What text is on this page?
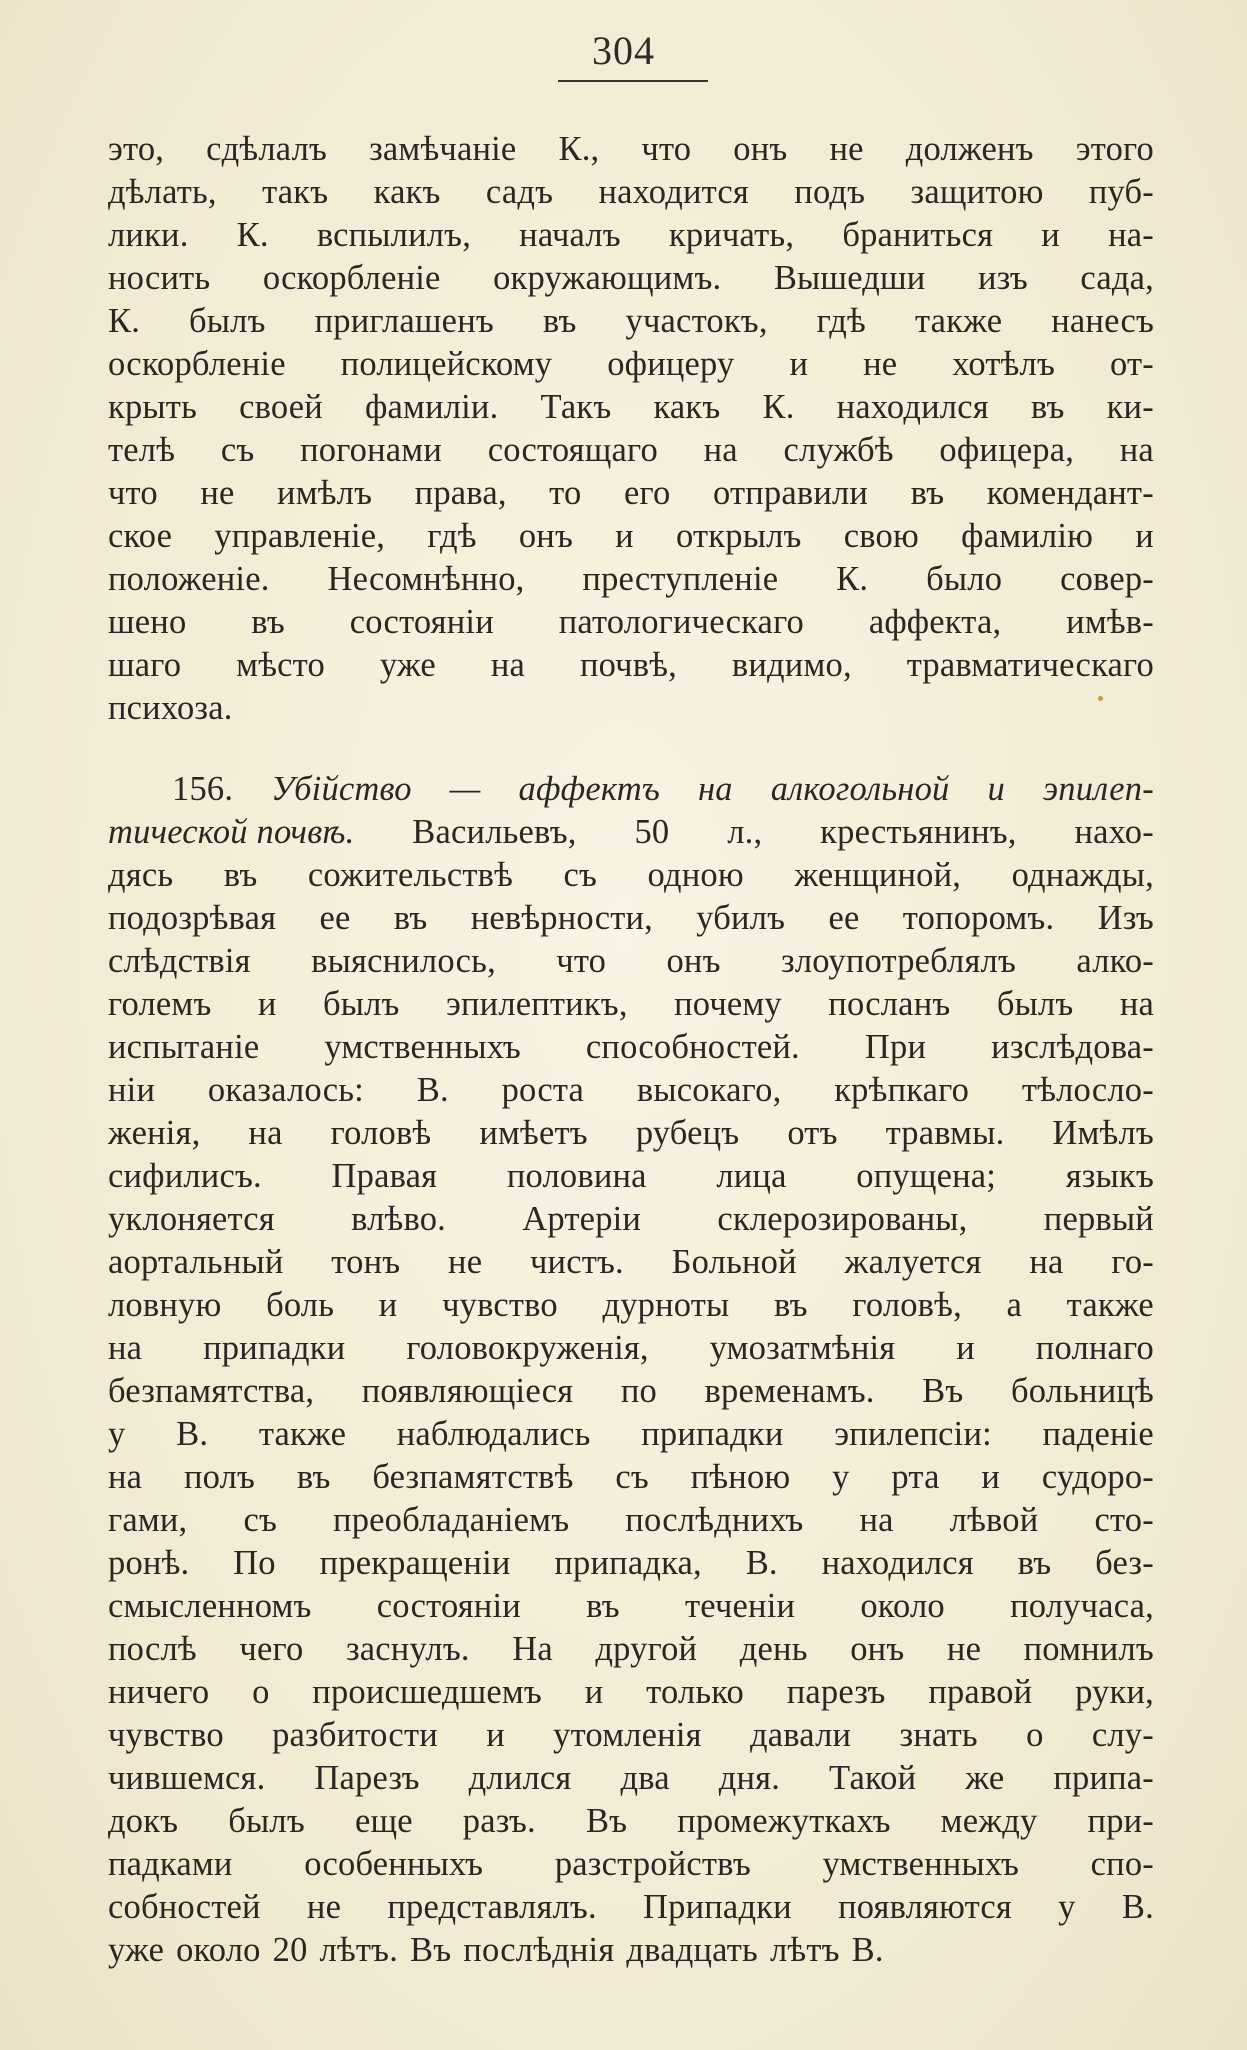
304
это, сдѣлалъ замѣчаніе К., что онъ не долженъ этого
дѣлать, такъ какъ садъ находится подъ защитою пуб-
лики. К. вспылилъ, началъ кричать, браниться и на-
носить оскорбленіе окружающимъ. Вышедши изъ сада,
К. былъ приглашенъ въ участокъ, гдѣ также нанесъ
оскорбленіе полицейскому офицеру и не хотѣлъ от-
крыть своей фамиліи. Такъ какъ К. находился въ ки-
телѣ съ погонами состоящаго на службѣ офицера, на
что не имѣлъ права, то его отправили въ комендант-
ское управленіе, гдѣ онъ и открылъ свою фамилію и
положеніе. Несомнѣнно, преступленіе К. было совер-
шено въ состояніи патологическаго аффекта, имѣв-
шаго мѣсто уже на почвѣ, видимо, травматическаго
психоза.
156. Убійство — аффектъ на алкогольной и эпилеп-
тической почвѣ. Васильевъ, 50 л., крестьянинъ, нахо-
дясь въ сожительствѣ съ одною женщиной, однажды,
подозрѣвая ее въ невѣрности, убилъ ее топоромъ. Изъ
слѣдствія выяснилось, что онъ злоупотреблялъ алко-
големъ и былъ эпилептикъ, почему посланъ былъ на
испытаніе умственныхъ способностей. При изслѣдова-
ніи оказалось: В. роста высокаго, крѣпкаго тѣлосло-
женія, на головѣ имѣетъ рубецъ отъ травмы. Имѣлъ
сифилисъ. Правая половина лица опущена; языкъ
уклоняется влѣво. Артеріи склерозированы, первый
аортальный тонъ не чистъ. Больной жалуется на го-
ловную боль и чувство дурноты въ головѣ, а также
на припадки головокруженія, умозатмѣнія и полнаго
безпамятства, появляющіеся по временамъ. Въ больницѣ
у В. также наблюдались припадки эпилепсіи: паденіе
на полъ въ безпамятствѣ съ пѣною у рта и судоро-
гами, съ преобладаніемъ послѣднихъ на лѣвой сто-
ронѣ. По прекращеніи припадка, В. находился въ без-
смысленномъ состояніи въ теченіи около получаса,
послѣ чего заснулъ. На другой день онъ не помнилъ
ничего о происшедшемъ и только парезъ правой руки,
чувство разбитости и утомленія давали знать о слу-
чившемся. Парезъ длился два дня. Такой же припа-
докъ былъ еще разъ. Въ промежуткахъ между при-
падками особенныхъ разстройствъ умственныхъ спо-
собностей не представлялъ. Припадки появляются у В.
уже около 20 лѣтъ. Въ послѣднія двадцать лѣтъ В.
